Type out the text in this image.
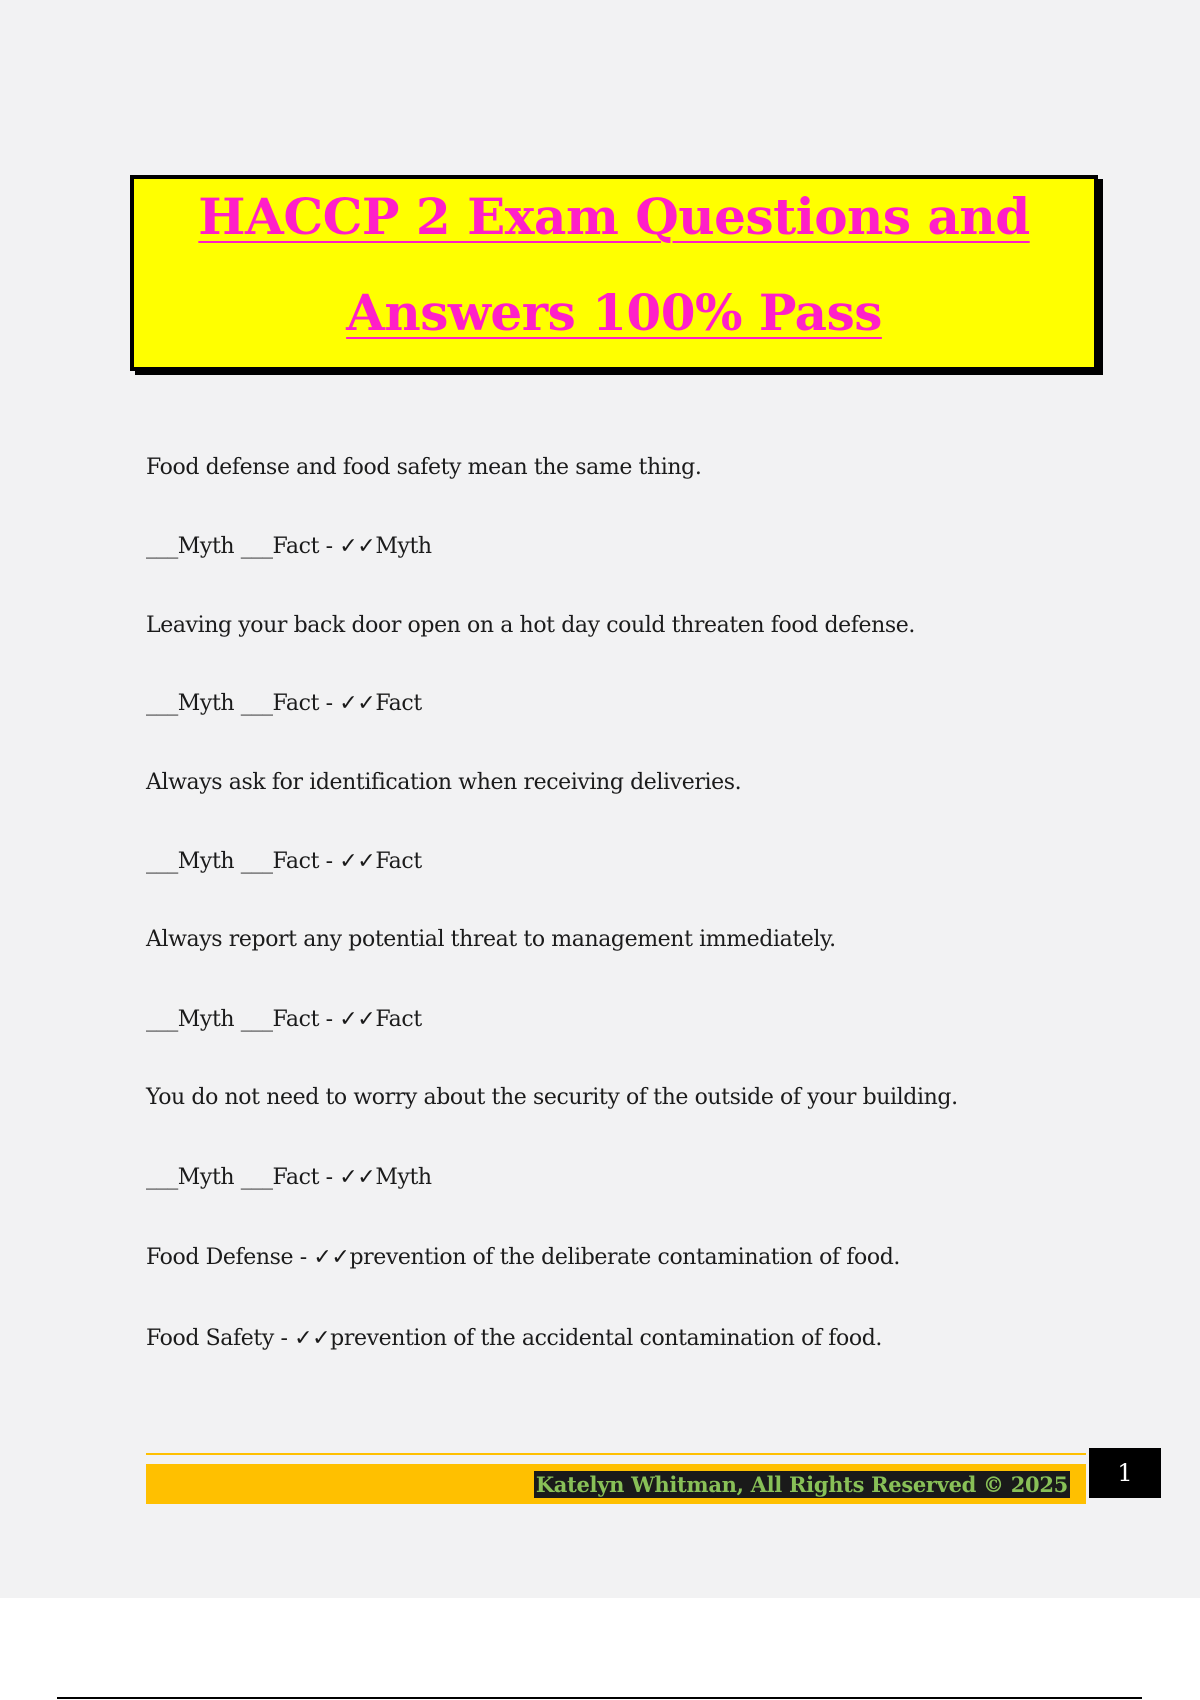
HACCP 2 Exam Questions and
Answers 100% Pass
Food defense and food safety mean the same thing.
___Myth ___Fact - ✓✓Myth
Leaving your back door open on a hot day could threaten food defense.
___Myth ___Fact - ✓✓Fact
Always ask for identification when receiving deliveries.
___Myth ___Fact - ✓✓Fact
Always report any potential threat to management immediately.
___Myth ___Fact - ✓✓Fact
You do not need to worry about the security of the outside of your building.
___Myth ___Fact - ✓✓Myth
Food Defense - ✓✓prevention of the deliberate contamination of food.
Food Safety - ✓✓prevention of the accidental contamination of food.
Katelyn Whitman, All Rights Reserved © 2025	1
